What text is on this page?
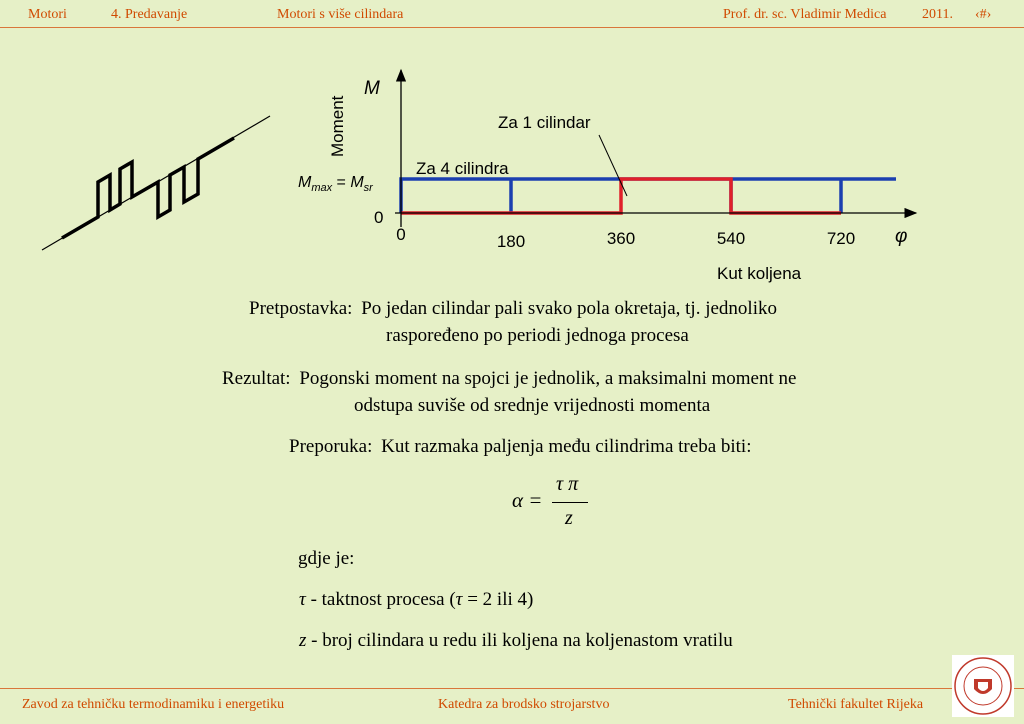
Motori	4. Predavanje	Motori s više cilindara	Prof. dr. sc. Vladimir Medica	2011. ‹#›
Moment
M
φ
Kut koljena
$M_{max} = M_{sr}$
0
0	180	360	540	720
Za 1 cilindar
Za 4 cilindra
Pretpostavka: Po jedan cilindar pali svako pola okretaja, tj. jednoliko
raspoređeno po periodi jednoga procesa
Rezultat: Pogonski moment na spojci je jednolik, a maksimalni moment ne
odstupa suviše od srednje vrijednosti momenta
Preporuka: Kut razmaka paljenja među cilindrima treba biti:
α =
τ π
z
gdje je:
τ - taktnost procesa (τ = 2 ili 4)
z - broj cilindara u redu ili koljena na koljenastom vratilu
Zavod za tehničku termodinamiku i energetiku	Katedra za brodsko strojarstvo	Tehnički fakultet Rijeka
